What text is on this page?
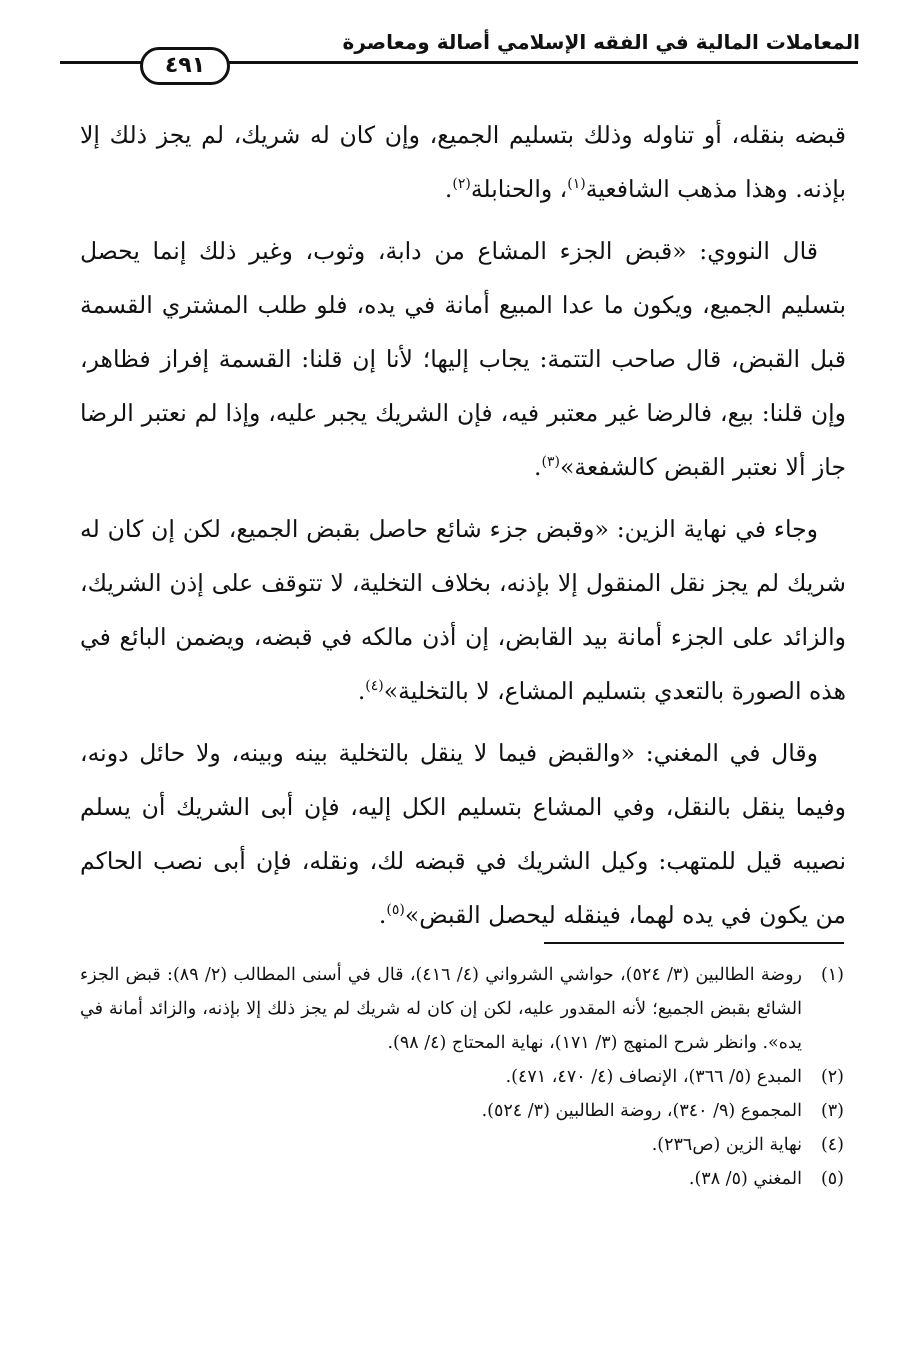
المعاملات المالية في الفقه الإسلامي أصالة ومعاصرة
٤٩١

قبضه بنقله، أو تناوله وذلك بتسليم الجميع، وإن كان له شريك، لم يجز ذلك إلا بإذنه. وهذا مذهب الشافعية$^{(١)}$، والحنابلة$^{(٢)}$.

قال النووي: «قبض الجزء المشاع من دابة، وثوب، وغير ذلك إنما يحصل بتسليم الجميع، ويكون ما عدا المبيع أمانة في يده، فلو طلب المشتري القسمة قبل القبض، قال صاحب التتمة: يجاب إليها؛ لأنا إن قلنا: القسمة إفراز فظاهر، وإن قلنا: بيع، فالرضا غير معتبر فيه، فإن الشريك يجبر عليه، وإذا لم نعتبر الرضا جاز ألا نعتبر القبض كالشفعة»$^{(٣)}$.

وجاء في نهاية الزين: «وقبض جزء شائع حاصل بقبض الجميع، لكن إن كان له شريك لم يجز نقل المنقول إلا بإذنه، بخلاف التخلية، لا تتوقف على إذن الشريك، والزائد على الجزء أمانة بيد القابض، إن أذن مالكه في قبضه، ويضمن البائع في هذه الصورة بالتعدي بتسليم المشاع، لا بالتخلية»$^{(٤)}$.

وقال في المغني: «والقبض فيما لا ينقل بالتخلية بينه وبينه، ولا حائل دونه، وفيما ينقل بالنقل، وفي المشاع بتسليم الكل إليه، فإن أبى الشريك أن يسلم نصيبه قيل للمتهب: وكيل الشريك في قبضه لك، ونقله، فإن أبى نصب الحاكم من يكون في يده لهما، فينقله ليحصل القبض»$^{(٥)}$.

(١)
روضة الطالبين (٣/ ٥٢٤)، حواشي الشرواني (٤/ ٤١٦)، قال في أسنى المطالب (٢/ ٨٩): قبض الجزء الشائع بقبض الجميع؛ لأنه المقدور عليه، لكن إن كان له شريك لم يجز ذلك إلا بإذنه، والزائد أمانة في يده». وانظر شرح المنهج (٣/ ١٧١)، نهاية المحتاج (٤/ ٩٨).
(٢)
المبدع (٥/ ٣٦٦)، الإنصاف (٤/ ٤٧٠، ٤٧١).
(٣)
المجموع (٩/ ٣٤٠)، روضة الطالبين (٣/ ٥٢٤).
(٤)
نهاية الزين (ص٢٣٦).
(٥)
المغني (٥/ ٣٨).
